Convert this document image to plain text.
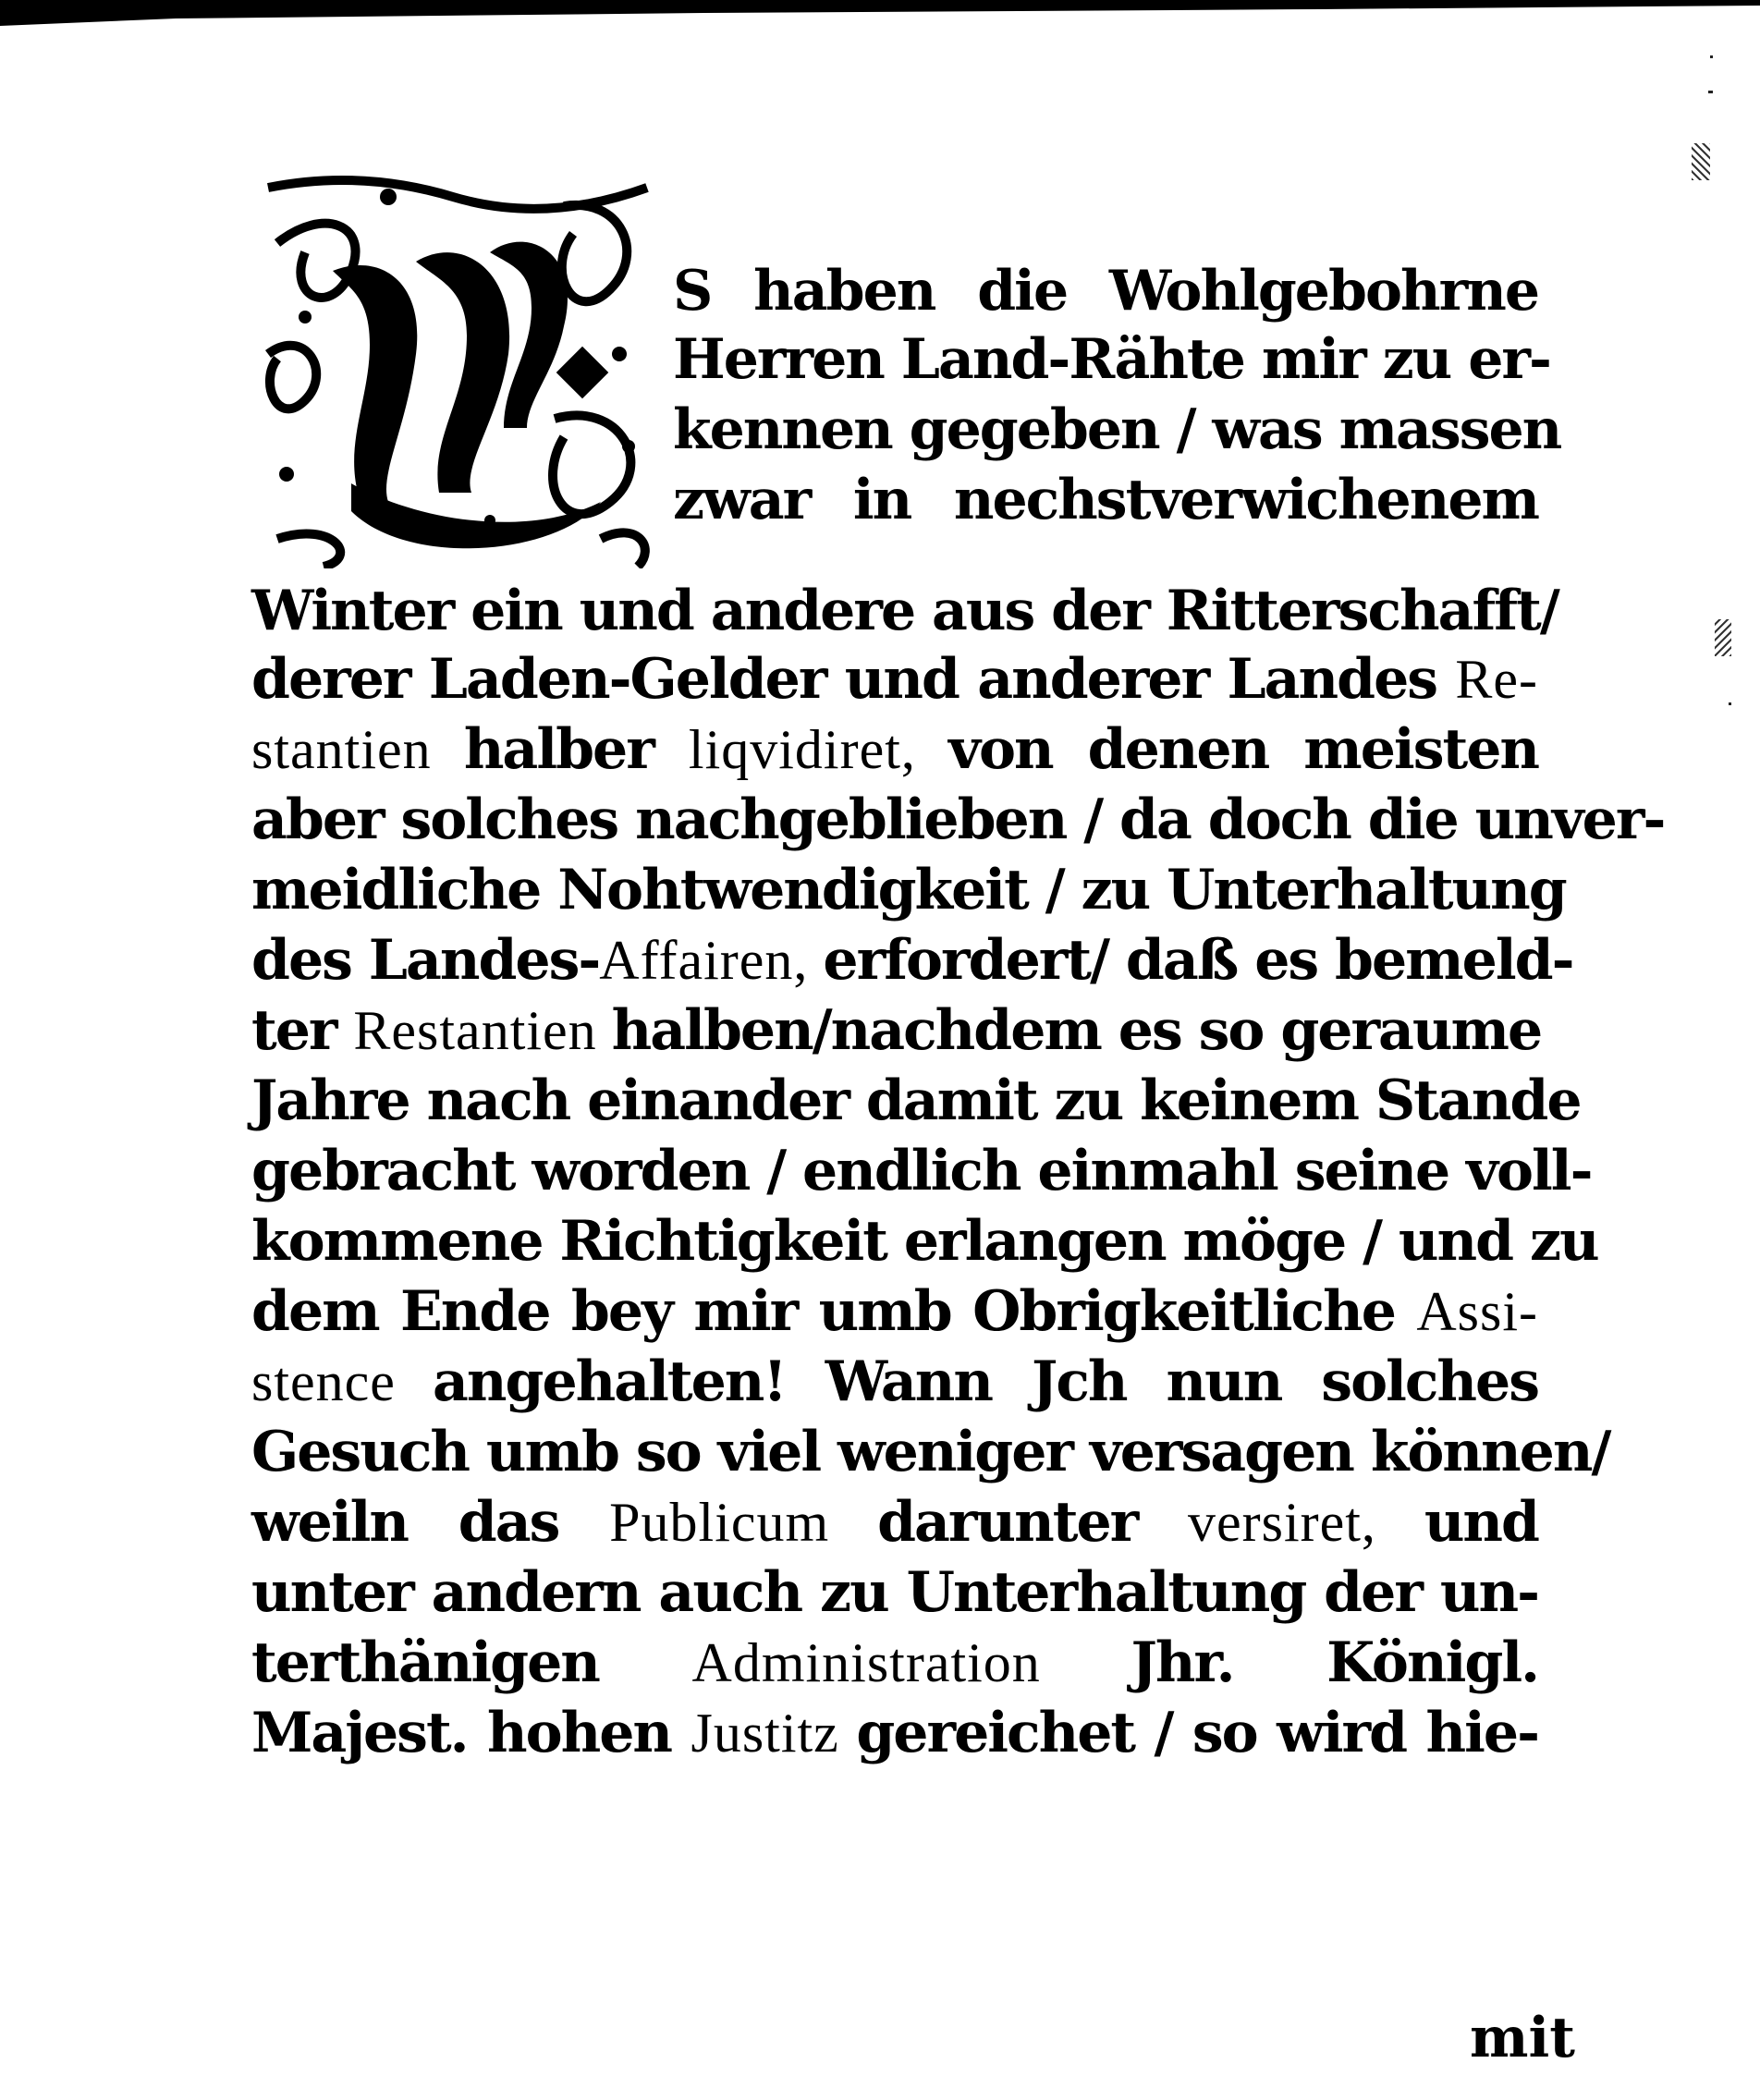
S haben die Wohlgebohrne
Herren Land-Rähte mir zu er-
kennen gegeben / was massen
zwar in nechstverwichenem
Winter ein und andere aus der Ritterschafft/
derer Laden-Gelder und anderer Landes Re-
stantien halber liqvidiret, von denen meisten
aber solches nachgeblieben / da doch die unver-
meidliche Nohtwendigkeit / zu Unterhaltung
des Landes-Affairen, erfordert/ daß es bemeld-
ter Restantien halben/nachdem es so geraume
Jahre nach einander damit zu keinem Stande
gebracht worden / endlich einmahl seine voll-
kommene Richtigkeit erlangen möge / und zu
dem Ende bey mir umb Obrigkeitliche Assi-
stence angehalten! Wann Jch nun solches
Gesuch umb so viel weniger versagen können/
weiln das Publicum darunter versiret, und
unter andern auch zu Unterhaltung der un-
terthänigen Administration Jhr. Königl.
Majest. hohen Justitz gereichet / so wird hie-
mit
